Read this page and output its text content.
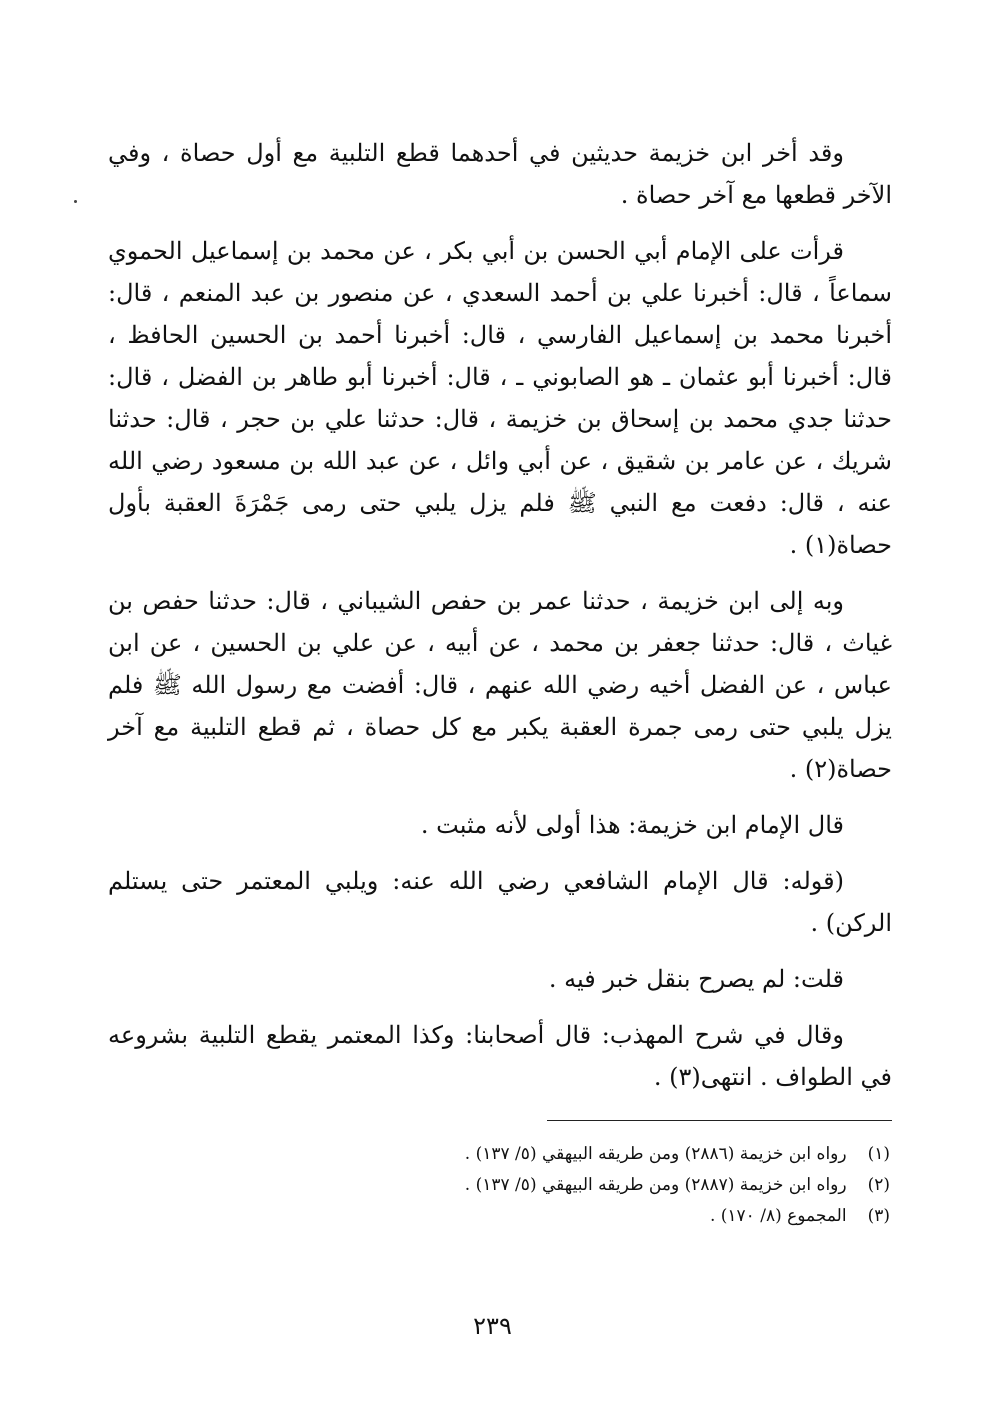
وقد أخر ابن خزيمة حديثين في أحدهما قطع التلبية مع أول حصاة ، وفي الآخر قطعها مع آخر حصاة .
قرأت على الإمام أبي الحسن بن أبي بكر ، عن محمد بن إسماعيل الحموي سماعاً ، قال: أخبرنا علي بن أحمد السعدي ، عن منصور بن عبد المنعم ، قال: أخبرنا محمد بن إسماعيل الفارسي ، قال: أخبرنا أحمد بن الحسين الحافظ ، قال: أخبرنا أبو عثمان ـ هو الصابوني ـ ، قال: أخبرنا أبو طاهر بن الفضل ، قال: حدثنا جدي محمد بن إسحاق بن خزيمة ، قال: حدثنا علي بن حجر ، قال: حدثنا شريك ، عن عامر بن شقيق ، عن أبي وائل ، عن عبد الله بن مسعود رضي الله عنه ، قال: دفعت مع النبي ﷺ فلم يزل يلبي حتى رمى جَمْرَةَ العقبة بأول حصاة(١) .
وبه إلى ابن خزيمة ، حدثنا عمر بن حفص الشيباني ، قال: حدثنا حفص بن غياث ، قال: حدثنا جعفر بن محمد ، عن أبيه ، عن علي بن الحسين ، عن ابن عباس ، عن الفضل أخيه رضي الله عنهم ، قال: أفضت مع رسول الله ﷺ فلم يزل يلبي حتى رمى جمرة العقبة يكبر مع كل حصاة ، ثم قطع التلبية مع آخر حصاة(٢) .
قال الإمام ابن خزيمة: هذا أولى لأنه مثبت .
(قوله: قال الإمام الشافعي رضي الله عنه: ويلبي المعتمر حتى يستلم الركن) .
قلت: لم يصرح بنقل خبر فيه .
وقال في شرح المهذب: قال أصحابنا: وكذا المعتمر يقطع التلبية بشروعه في الطواف . انتهى(٣) .

(١) رواه ابن خزيمة (٢٨٨٦) ومن طريقه البيهقي (٥/ ١٣٧) .

(٢) رواه ابن خزيمة (٢٨٨٧) ومن طريقه البيهقي (٥/ ١٣٧) .

(٣) المجموع (٨/ ١٧٠) .

٢٣٩
